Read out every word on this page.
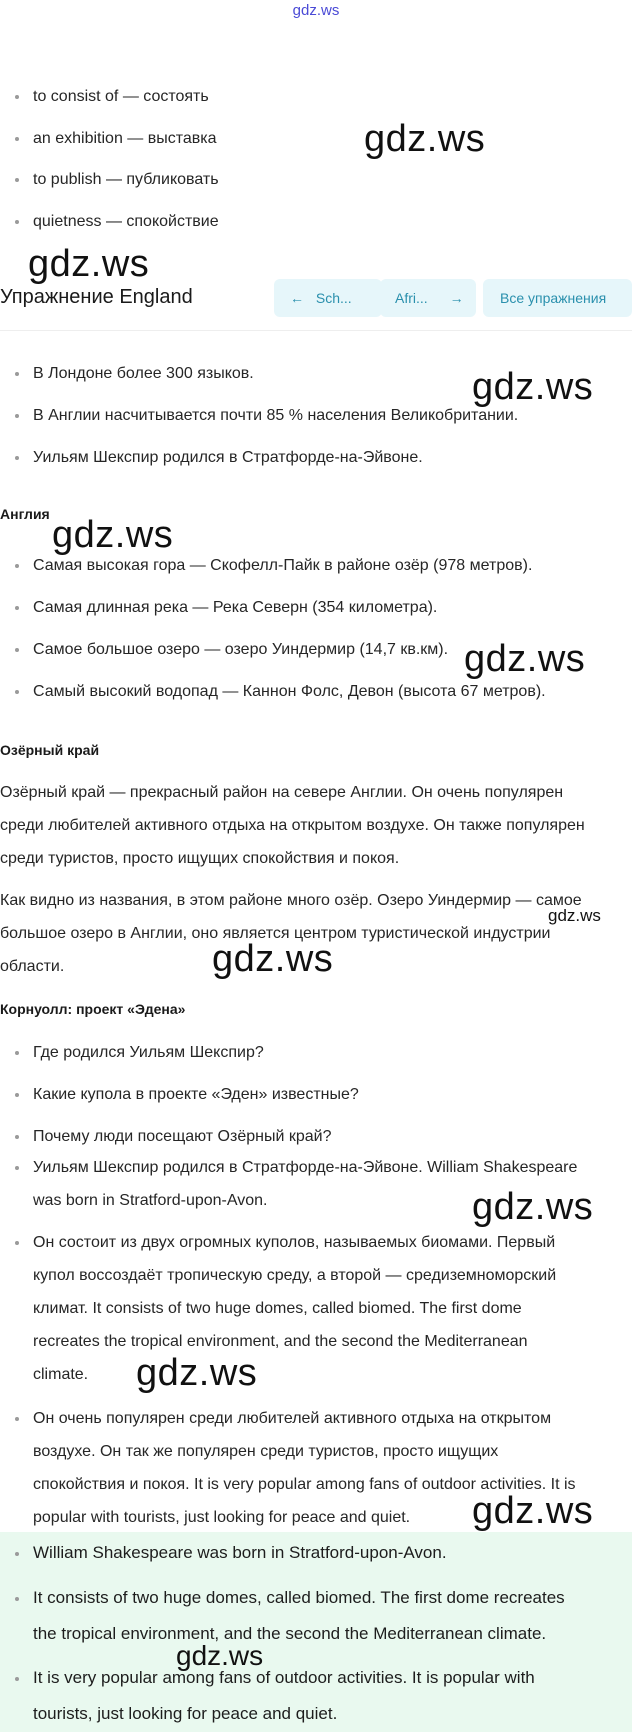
gdz.ws
to consist of — состоять
an exhibition — выставка
to publish — публиковать
quietness — спокойствие
gdz.ws
gdz.ws
Упражнение England	← Sch...	Afri... →	Все упражнения
В Лондоне более 300 языков.
В Англии насчитывается почти 85 % населения Великобритании.
Уильям Шекспир родился в Стратфорде-на-Эйвоне.
gdz.ws
Англия gdz.ws
Самая высокая гора — Скофелл-Пайк в районе озёр (978 метров).
Самая длинная река — Река Северн (354 километра).
Самое большое озеро — озеро Уиндермир (14,7 кв.км).
Самый высокий водопад — Каннон Фолс, Девон (высота 67 метров).
gdz.ws
Озёрный край
Озёрный край — прекрасный район на севере Англии. Он очень популярен
среди любителей активного отдыха на открытом воздухе. Он также популярен
среди туристов, просто ищущих спокойствия и покоя.
Как видно из названия, в этом районе много озёр. Озеро Уиндермир — самое
большое озеро в Англии, оно является центром туристической индустрии
области.
gdz.ws
gdz.ws
Корнуолл: проект «Эдена»
Где родился Уильям Шекспир?
Какие купола в проекте «Эден» известные?
Почему люди посещают Озёрный край?
Уильям Шекспир родился в Стратфорде-на-Эйвоне. William Shakespeare
was born in Stratford-upon-Avon.	gdz.ws
Он состоит из двух огромных куполов, называемых биомами. Первый
купол воссоздаёт тропическую среду, а второй — средиземноморский
климат. It consists of two huge domes, called biomed. The first dome
recreates the tropical environment, and the second the Mediterranean
climate.	gdz.ws
Он очень популярен среди любителей активного отдыха на открытом
воздухе. Он так же популярен среди туристов, просто ищущих
спокойствия и покоя. It is very popular among fans of outdoor activities. It is
popular with tourists, just looking for peace and quiet.	gdz.ws
William Shakespeare was born in Stratford-upon-Avon.
It consists of two huge domes, called biomed. The first dome recreates
the tropical environment, and the second the Mediterranean climate.
It is very popular among fans of outdoor activities. It is popular with
tourists, just looking for peace and quiet.
gdz.ws
